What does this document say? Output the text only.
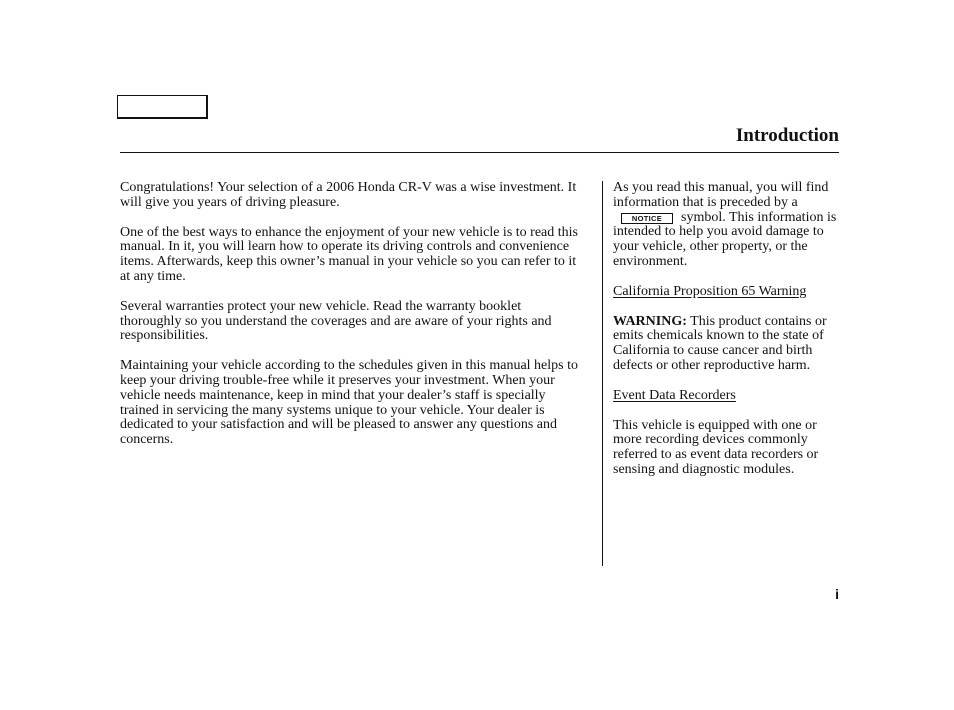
Introduction

Congratulations! Your selection of a 2006 Honda CR-V was a wise investment. It will give you years of driving pleasure.

One of the best ways to enhance the enjoyment of your new vehicle is to read this manual. In it, you will learn how to operate its driving controls and convenience items. Afterwards, keep this owner’s manual in your vehicle so you can refer to it at any time.

Several warranties protect your new vehicle. Read the warranty booklet thoroughly so you understand the coverages and are aware of your rights and responsibilities.

Maintaining your vehicle according to the schedules given in this manual helps to keep your driving trouble-free while it preserves your investment. When your vehicle needs maintenance, keep in mind that your dealer’s staff is specially trained in servicing the many systems unique to your vehicle. Your dealer is dedicated to your satisfaction and will be pleased to answer any questions and concerns.

As you read this manual, you will find information that is preceded by aNOTICE symbol. This information is intended to help you avoid damage to your vehicle, other property, or the environment.

California Proposition 65 Warning

WARNING: This product contains or emits chemicals known to the state of California to cause cancer and birth defects or other reproductive harm.

Event Data Recorders

This vehicle is equipped with one or more recording devices commonly referred to as event data recorders or sensing and diagnostic modules.

i
